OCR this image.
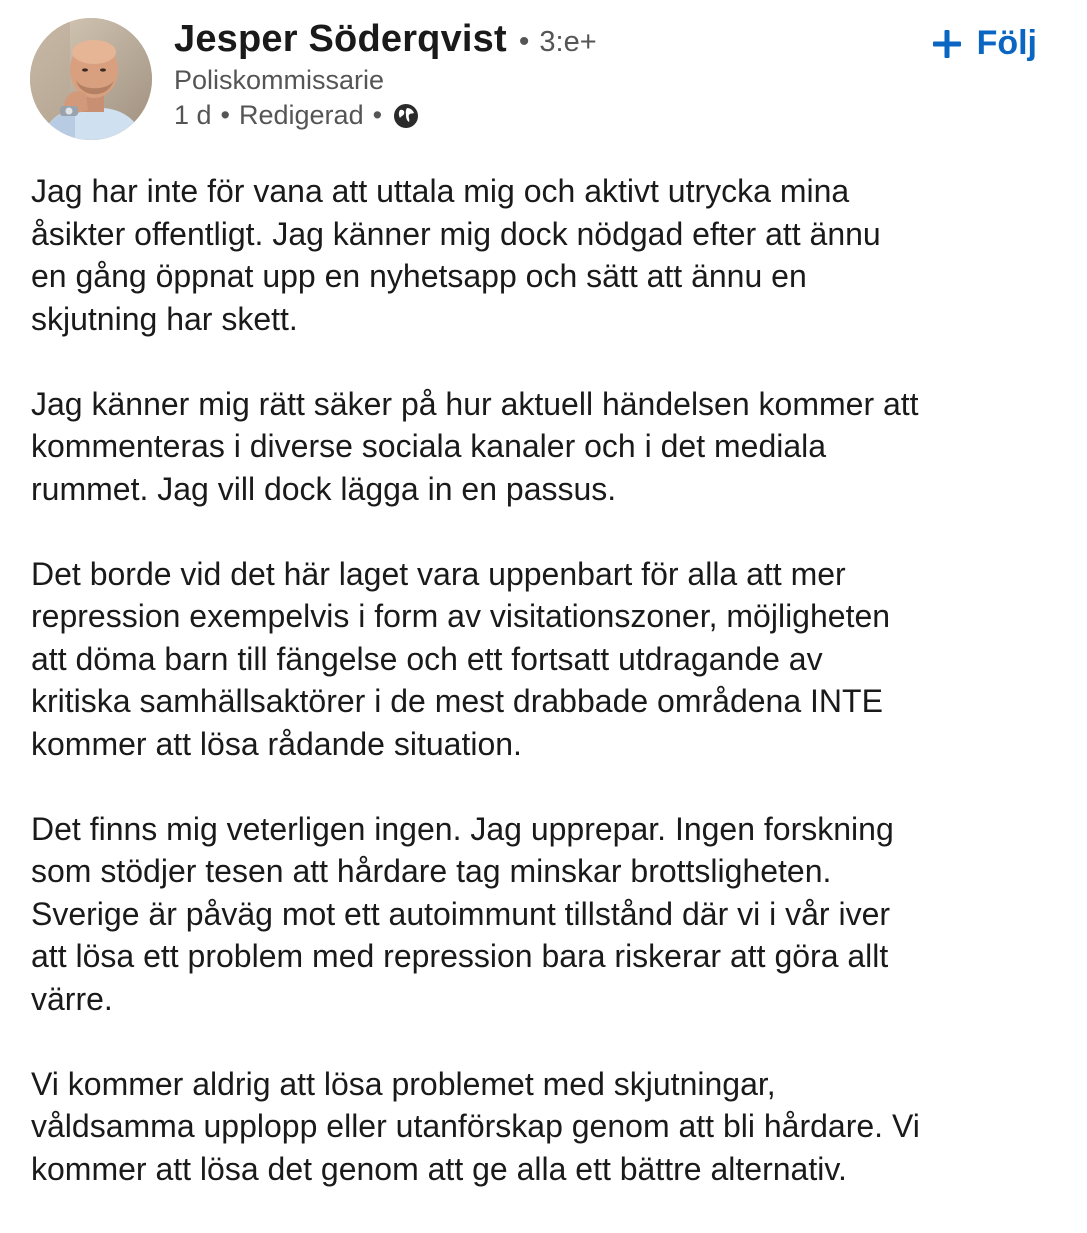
Jesper Söderqvist • 3:e+
Poliskommissarie
1 d • Redigerad •
Följ

Jag har inte för vana att uttala mig och aktivt utrycka mina
åsikter offentligt. Jag känner mig dock nödgad efter att ännu
en gång öppnat upp en nyhetsapp och sätt att ännu en
skjutning har skett.

Jag känner mig rätt säker på hur aktuell händelsen kommer att
kommenteras i diverse sociala kanaler och i det mediala
rummet. Jag vill dock lägga in en passus.

Det borde vid det här laget vara uppenbart för alla att mer
repression exempelvis i form av visitationszoner, möjligheten
att döma barn till fängelse och ett fortsatt utdragande av
kritiska samhällsaktörer i de mest drabbade områdena INTE
kommer att lösa rådande situation.

Det finns mig veterligen ingen. Jag upprepar. Ingen forskning
som stödjer tesen att hårdare tag minskar brottsligheten.
Sverige är påväg mot ett autoimmunt tillstånd där vi i vår iver
att lösa ett problem med repression bara riskerar att göra allt
värre.

Vi kommer aldrig att lösa problemet med skjutningar,
våldsamma upplopp eller utanförskap genom att bli hårdare. Vi
kommer att lösa det genom att ge alla ett bättre alternativ.
